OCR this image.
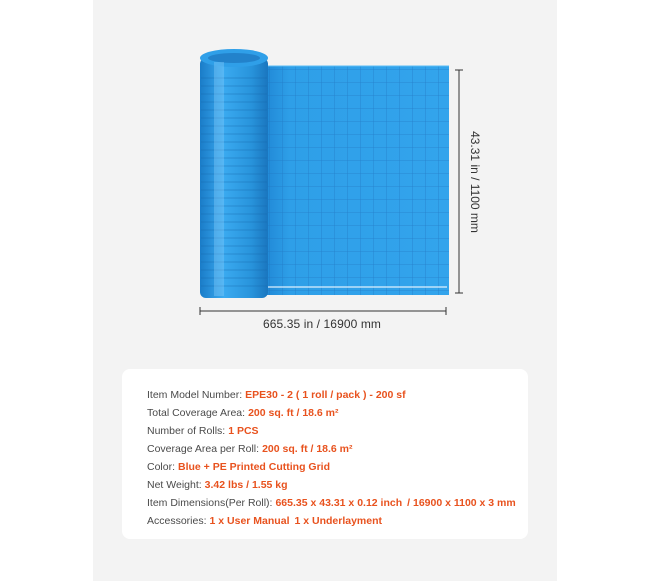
665.35 in / 16900 mm
43.31 in / 1100 mm
Item Model Number: EPE30 - 2 ( 1 roll / pack ) - 200 sf
Total Coverage Area: 200 sq. ft / 18.6 m²
Number of Rolls: 1 PCS
Coverage Area per Roll: 200 sq. ft / 18.6 m²
Color: Blue + PE Printed Cutting Grid
Net Weight: 3.42 lbs / 1.55 kg
Item Dimensions(Per Roll): 665.35 x 43.31 x 0.12 inch / 16900 x 1100 x 3 mm
Accessories: 1 x User Manual 1 x Underlayment
